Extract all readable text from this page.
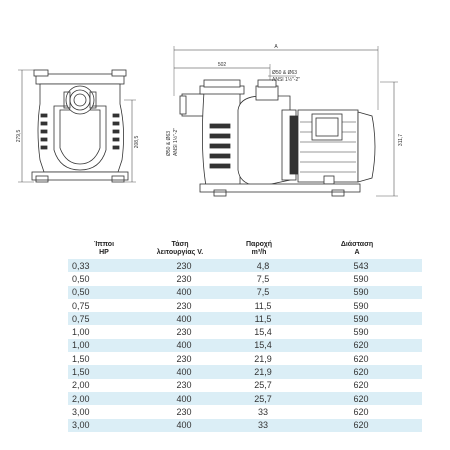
279,5	208,5
A
502
Ø50 & Ø63
ANSI 1½"-2"
Ø50 & Ø63 ANSI 1½"-2"	311,7
Ίπποι
HP
Τάση
λειτουργίας V.
Παροχή
m³/h
Διάσταση
A
0,33	230	4,8	543
0,50	230	7,5	590
0,50	400	7,5	590
0,75	230	11,5	590
0,75	400	11,5	590
1,00	230	15,4	590
1,00	400	15,4	620
1,50	230	21,9	620
1,50	400	21,9	620
2,00	230	25,7	620
2,00	400	25,7	620
3,00	230	33	620
3,00	400	33	620
